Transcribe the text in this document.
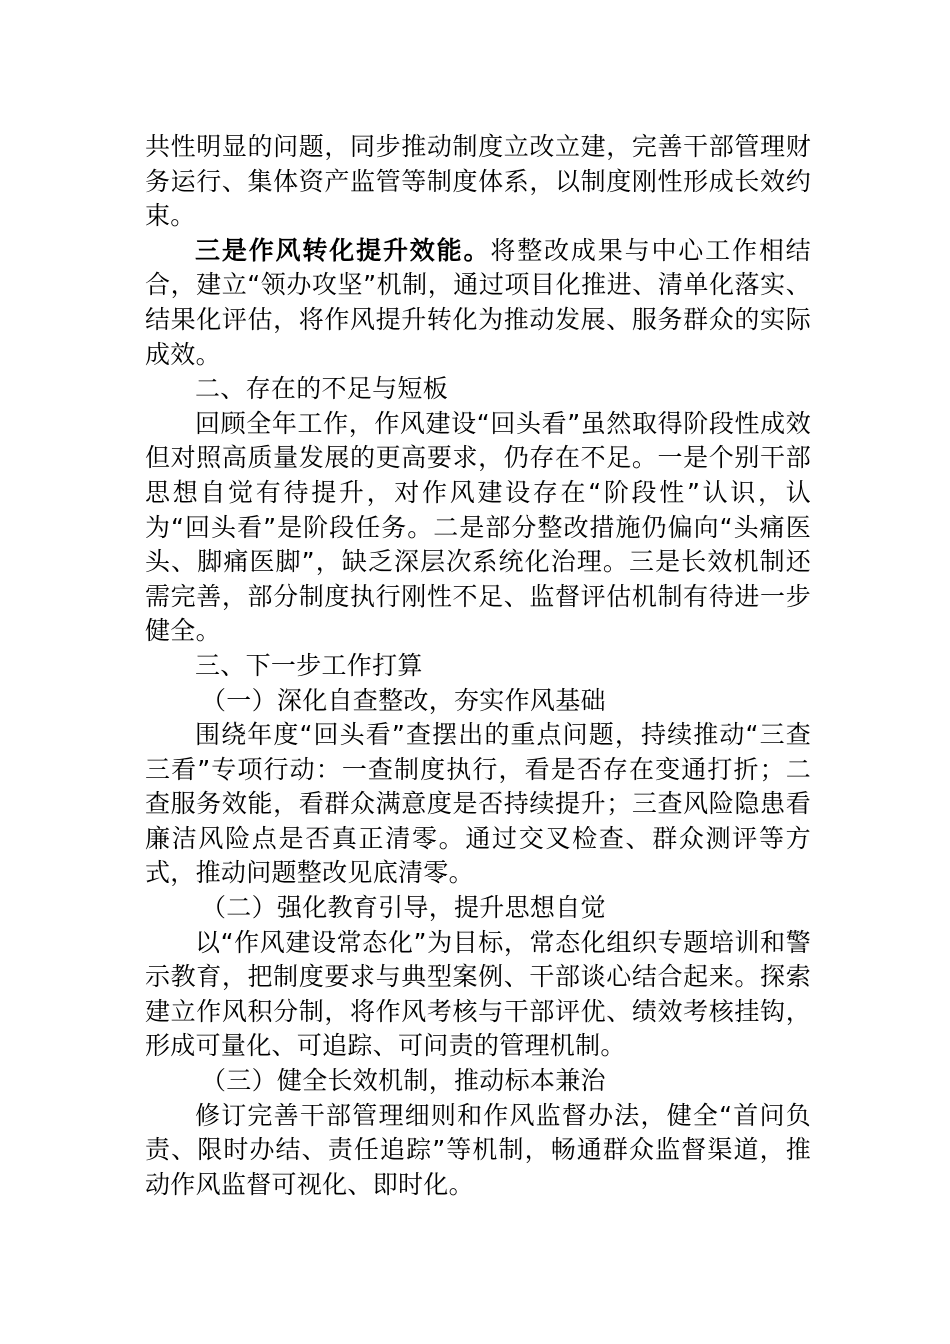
共性明显的问题，同步推动制度立改立建，完善干部管理财务运行、集体资产监管等制度体系，以制度刚性形成长效约束。

三是作风转化提升效能。将整改成果与中心工作相结合，建立“领办攻坚”机制，通过项目化推进、清单化落实、结果化评估，将作风提升转化为推动发展、服务群众的实际成效。

二、存在的不足与短板

回顾全年工作，作风建设“回头看”虽然取得阶段性成效但对照高质量发展的更高要求，仍存在不足。一是个别干部思想自觉有待提升，对作风建设存在“阶段性”认识，认为“回头看”是阶段任务。二是部分整改措施仍偏向“头痛医头、脚痛医脚”，缺乏深层次系统化治理。三是长效机制还需完善，部分制度执行刚性不足、监督评估机制有待进一步健全。

三、下一步工作打算

（一）深化自查整改，夯实作风基础

围绕年度“回头看”查摆出的重点问题，持续推动“三查三看”专项行动：一查制度执行，看是否存在变通打折；二查服务效能，看群众满意度是否持续提升；三查风险隐患看廉洁风险点是否真正清零。通过交叉检查、群众测评等方式，推动问题整改见底清零。

（二）强化教育引导，提升思想自觉

以“作风建设常态化”为目标，常态化组织专题培训和警示教育，把制度要求与典型案例、干部谈心结合起来。探索建立作风积分制，将作风考核与干部评优、绩效考核挂钩，形成可量化、可追踪、可问责的管理机制。

（三）健全长效机制，推动标本兼治

修订完善干部管理细则和作风监督办法，健全“首问负责、限时办结、责任追踪”等机制，畅通群众监督渠道，推动作风监督可视化、即时化。
